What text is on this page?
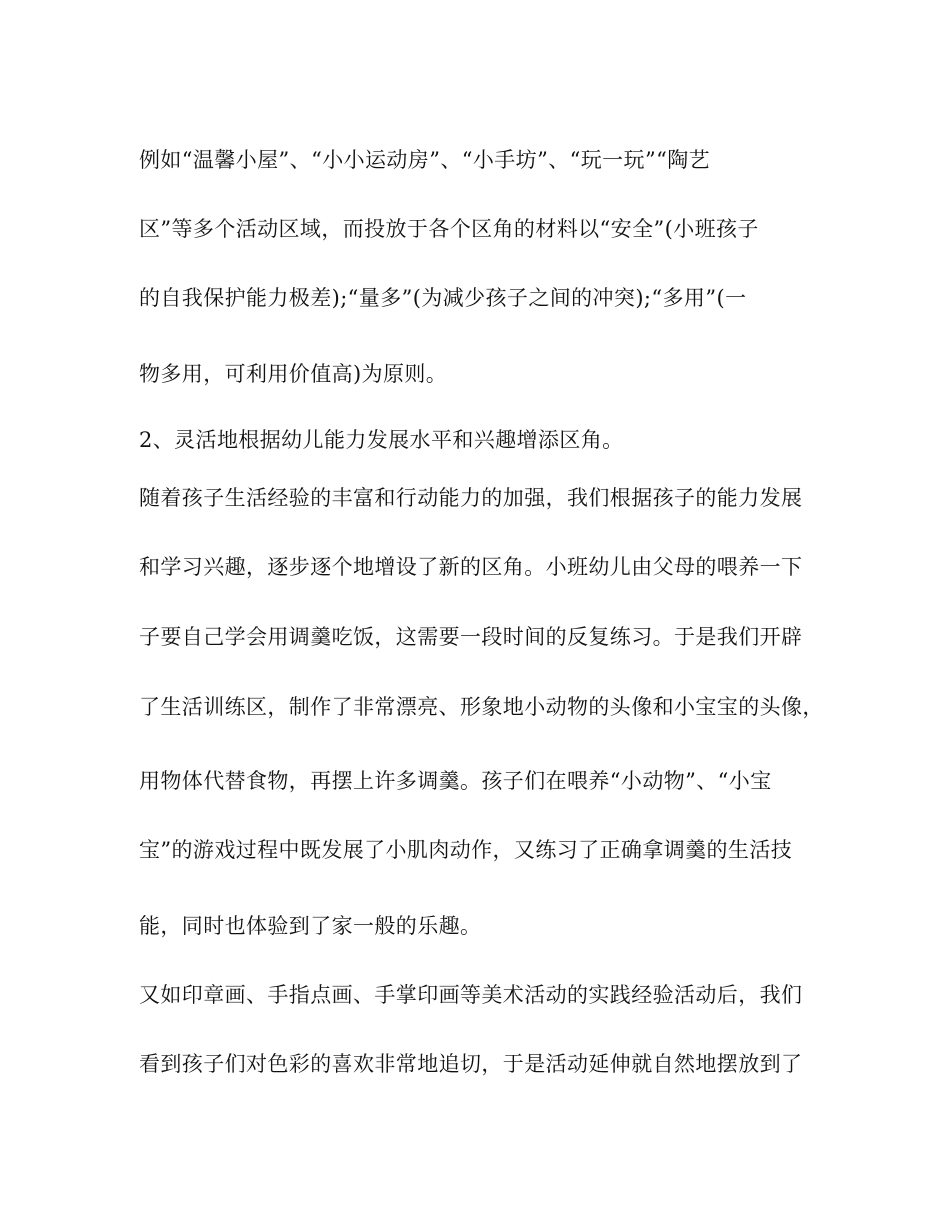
例如“温馨小屋”、“小小运动房”、“小手坊”、“玩一玩”“陶艺

区”等多个活动区域，而投放于各个区角的材料以“安全”(小班孩子

的自我保护能力极差);“量多”(为减少孩子之间的冲突);“多用”(一

物多用，可利用价值高)为原则。

2、灵活地根据幼儿能力发展水平和兴趣增添区角。

随着孩子生活经验的丰富和行动能力的加强，我们根据孩子的能力发展

和学习兴趣，逐步逐个地增设了新的区角。小班幼儿由父母的喂养一下

子要自己学会用调羹吃饭，这需要一段时间的反复练习。于是我们开辟

了生活训练区，制作了非常漂亮、形象地小动物的头像和小宝宝的头像，

用物体代替食物，再摆上许多调羹。孩子们在喂养“小动物”、“小宝

宝”的游戏过程中既发展了小肌肉动作，又练习了正确拿调羹的生活技

能，同时也体验到了家一般的乐趣。

又如印章画、手指点画、手掌印画等美术活动的实践经验活动后，我们

看到孩子们对色彩的喜欢非常地追切，于是活动延伸就自然地摆放到了
